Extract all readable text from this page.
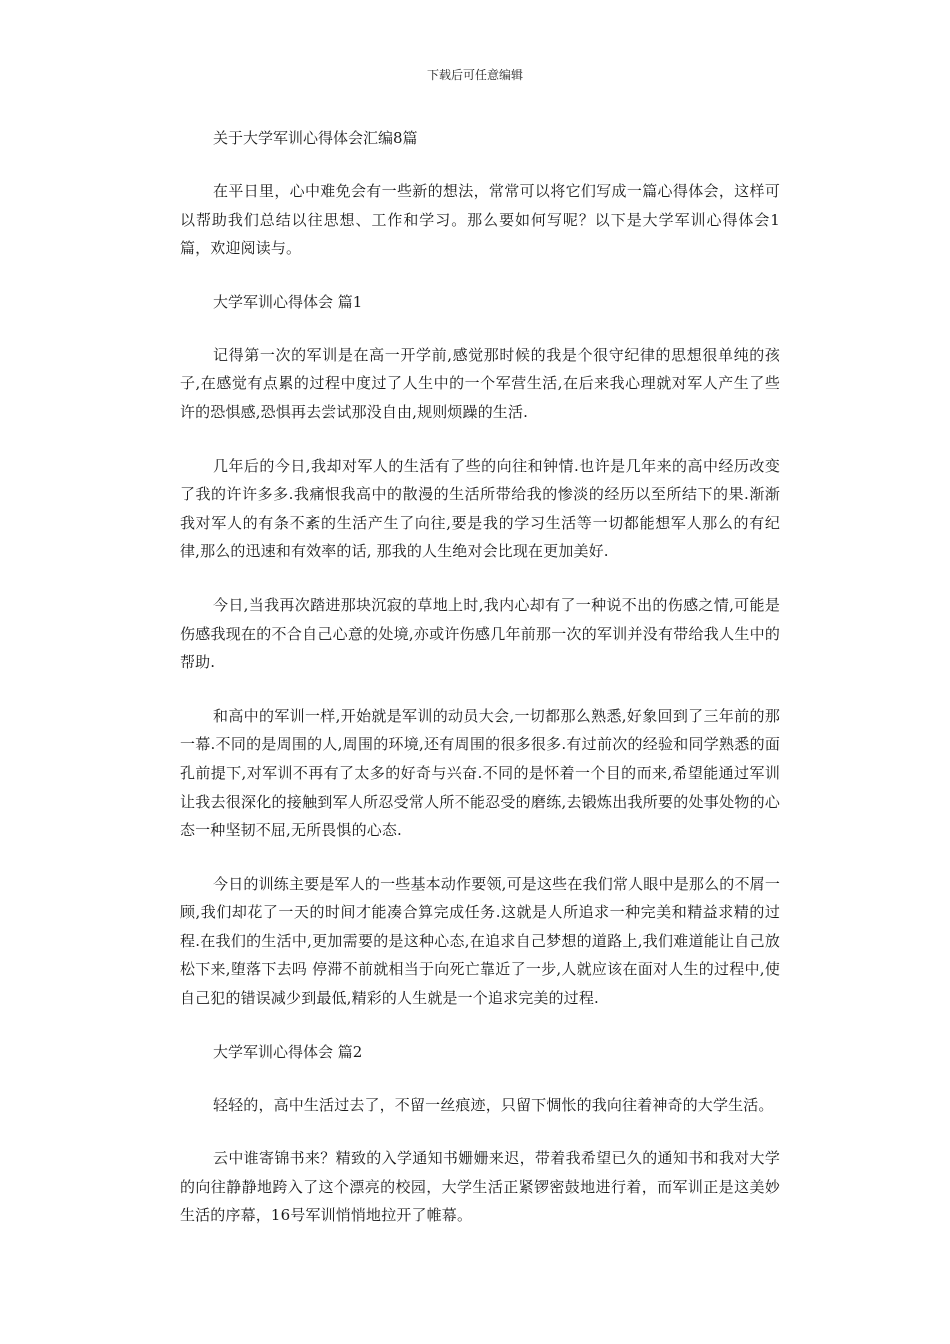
下载后可任意编辑

关于大学军训心得体会汇编8篇

在平日里，心中难免会有一些新的想法，常常可以将它们写成一篇心得体会，这样可以帮助我们总结以往思想、工作和学习。那么要如何写呢？以下是大学军训心得体会1篇，欢迎阅读与。

大学军训心得体会 篇1

记得第一次的军训是在高一开学前,感觉那时候的我是个很守纪律的思想很单纯的孩子,在感觉有点累的过程中度过了人生中的一个军营生活,在后来我心理就对军人产生了些许的恐惧感,恐惧再去尝试那没自由,规则烦躁的生活.

几年后的今日,我却对军人的生活有了些的向往和钟情.也许是几年来的高中经历改变了我的许许多多.我痛恨我高中的散漫的生活所带给我的惨淡的经历以至所结下的果.渐渐我对军人的有条不紊的生活产生了向往,要是我的学习生活等一切都能想军人那么的有纪律,那么的迅速和有效率的话, 那我的人生绝对会比现在更加美好.

今日,当我再次踏进那块沉寂的草地上时,我内心却有了一种说不出的伤感之情,可能是伤感我现在的不合自己心意的处境,亦或许伤感几年前那一次的军训并没有带给我人生中的帮助.

和高中的军训一样,开始就是军训的动员大会,一切都那么熟悉,好象回到了三年前的那一幕.不同的是周围的人,周围的环境,还有周围的很多很多.有过前次的经验和同学熟悉的面孔前提下,对军训不再有了太多的好奇与兴奋.不同的是怀着一个目的而来,希望能通过军训让我去很深化的接触到军人所忍受常人所不能忍受的磨练,去锻炼出我所要的处事处物的心态一种坚韧不屈,无所畏惧的心态.

今日的训练主要是军人的一些基本动作要领,可是这些在我们常人眼中是那么的不屑一顾,我们却花了一天的时间才能凑合算完成任务.这就是人所追求一种完美和精益求精的过程.在我们的生活中,更加需要的是这种心态,在追求自己梦想的道路上,我们难道能让自己放松下来,堕落下去吗 停滞不前就相当于向死亡靠近了一步,人就应该在面对人生的过程中,使自己犯的错误减少到最低,精彩的人生就是一个追求完美的过程.

大学军训心得体会 篇2

轻轻的，高中生活过去了，不留一丝痕迹，只留下惆怅的我向往着神奇的大学生活。

云中谁寄锦书来？精致的入学通知书姗姗来迟，带着我希望已久的通知书和我对大学的向往静静地跨入了这个漂亮的校园，大学生活正紧锣密鼓地进行着，而军训正是这美妙生活的序幕，16号军训悄悄地拉开了帷幕。
